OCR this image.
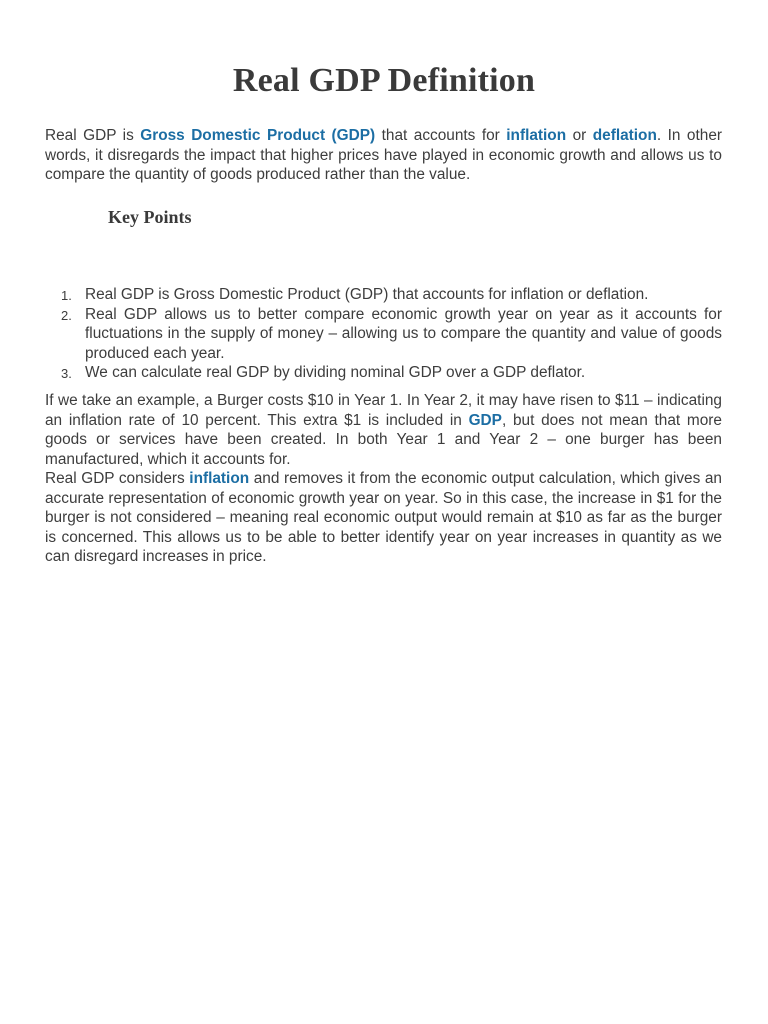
Real GDP Definition

Real GDP is Gross Domestic Product (GDP) that accounts for inflation or deflation. In other words, it disregards the impact that higher prices have played in economic growth and allows us to compare the quantity of goods produced rather than the value.

Key Points
1. Real GDP is Gross Domestic Product (GDP) that accounts for inflation or deflation.
2. Real GDP allows us to better compare economic growth year on year as it accounts for fluctuations in the supply of money – allowing us to compare the quantity and value of goods produced each year.
3. We can calculate real GDP by dividing nominal GDP over a GDP deflator.

If we take an example, a Burger costs $10 in Year 1. In Year 2, it may have risen to $11 – indicating an inflation rate of 10 percent. This extra $1 is included in GDP, but does not mean that more goods or services have been created. In both Year 1 and Year 2 – one burger has been manufactured, which it accounts for.

Real GDP considers inflation and removes it from the economic output calculation, which gives an accurate representation of economic growth year on year. So in this case, the increase in $1 for the burger is not considered – meaning real economic output would remain at $10 as far as the burger is concerned. This allows us to be able to better identify year on year increases in quantity as we can disregard increases in price.
